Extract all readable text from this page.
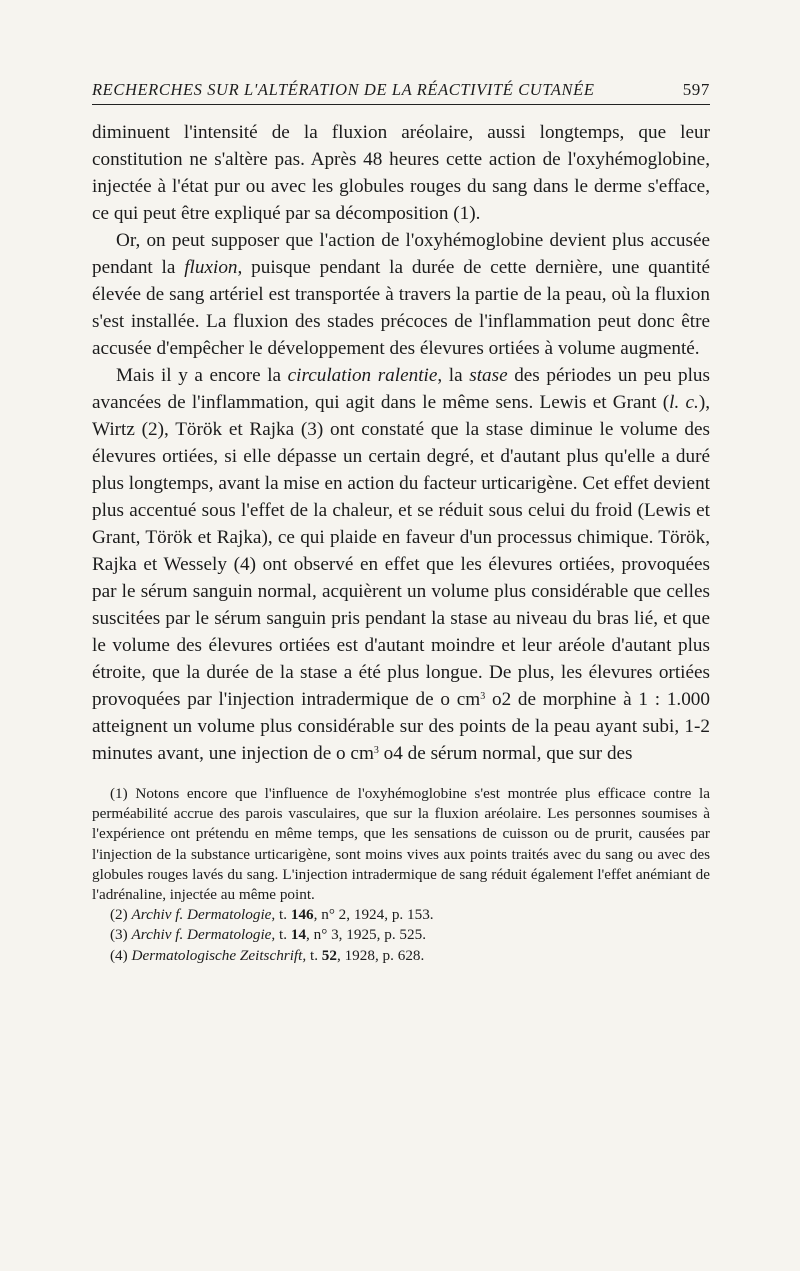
RECHERCHES SUR L'ALTÉRATION DE LA RÉACTIVITÉ CUTANÉE	597

diminuent l'intensité de la fluxion aréolaire, aussi longtemps, que leur constitution ne s'altère pas. Après 48 heures cette action de l'oxyhémoglobine, injectée à l'état pur ou avec les globules rouges du sang dans le derme s'efface, ce qui peut être expliqué par sa décomposition (1).

Or, on peut supposer que l'action de l'oxyhémoglobine devient plus accusée pendant la fluxion, puisque pendant la durée de cette dernière, une quantité élevée de sang artériel est transportée à travers la partie de la peau, où la fluxion s'est installée. La fluxion des stades précoces de l'inflammation peut donc être accusée d'empêcher le développement des élevures ortiées à volume augmenté.

Mais il y a encore la circulation ralentie, la stase des périodes un peu plus avancées de l'inflammation, qui agit dans le même sens. Lewis et Grant (l. c.), Wirtz (2), Török et Rajka (3) ont constaté que la stase diminue le volume des élevures ortiées, si elle dépasse un certain degré, et d'autant plus qu'elle a duré plus longtemps, avant la mise en action du facteur urticarigène. Cet effet devient plus accentué sous l'effet de la chaleur, et se réduit sous celui du froid (Lewis et Grant, Török et Rajka), ce qui plaide en faveur d'un processus chimique. Török, Rajka et Wessely (4) ont observé en effet que les élevures ortiées, provoquées par le sérum sanguin normal, acquièrent un volume plus considérable que celles suscitées par le sérum sanguin pris pendant la stase au niveau du bras lié, et que le volume des élevures ortiées est d'autant moindre et leur aréole d'autant plus étroite, que la durée de la stase a été plus longue. De plus, les élevures ortiées provoquées par l'injection intradermique de o $cm^3$ o2 de morphine à 1 : 1.000 atteignent un volume plus considérable sur des points de la peau ayant subi, 1-2 minutes avant, une injection de o $cm^3$ o4 de sérum normal, que sur des

(1) Notons encore que l'influence de l'oxyhémoglobine s'est montrée plus efficace contre la perméabilité accrue des parois vasculaires, que sur la fluxion aréolaire. Les personnes soumises à l'expérience ont prétendu en même temps, que les sensations de cuisson ou de prurit, causées par l'injection de la substance urticarigène, sont moins vives aux points traités avec du sang ou avec des globules rouges lavés du sang. L'injection intradermique de sang réduit également l'effet anémiant de l'adrénaline, injectée au même point.

(2) Archiv f. Dermatologie, t. 146, n° 2, 1924, p. 153.

(3) Archiv f. Dermatologie, t. 14, n° 3, 1925, p. 525.

(4) Dermatologische Zeitschrift, t. 52, 1928, p. 628.
